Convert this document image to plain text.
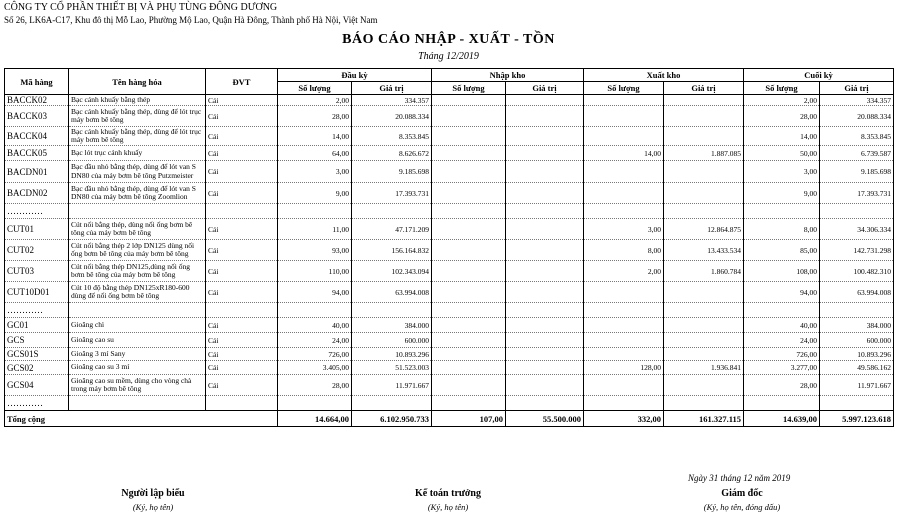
CÔNG TY CỔ PHẦN THIẾT BỊ VÀ PHỤ TÙNG ĐÔNG DƯƠNG
Số 26, LK6A-C17, Khu đô thị Mỗ Lao, Phường Mộ Lao, Quận Hà Đông, Thành phố Hà Nội, Việt Nam
BÁO CÁO NHẬP - XUẤT - TỒN
Tháng 12/2019
Mã hàng	Tên hàng hóa	ĐVT	Đầu kỳ		Nhập kho		Xuất kho		Cuối kỳ	
			Số lượng	Giá trị	Số lượng	Giá trị	Số lượng	Giá trị	Số lượng	Giá trị
BACCK02	Bạc cánh khuấy bằng thép	Cái	2,00	334.357					2,00	334.357
BACCK03	Bạc cánh khuấy bằng thép, dùng để lót trục máy bơm bê tông	Cái	28,00	20.088.334					28,00	20.088.334
BACCK04	Bạc cánh khuấy bằng thép, dùng để lót trục máy bơm bê tông	Cái	14,00	8.353.845					14,00	8.353.845
BACCK05	Bạc lót trục cánh khuấy	Cái	64,00	8.626.672			14,00	1.887.085	50,00	6.739.587
BACDN01	Bạc đầu nhỏ bằng thép, dùng để lót van S DN80 của máy bơm bê tông Putzmeister	Cái	3,00	9.185.698					3,00	9.185.698
BACDN02	Bạc đầu nhỏ bằng thép, dùng để lót van S DN80 của máy bơm bê tông Zoomlion	Cái	9,00	17.393.731					9,00	17.393.731
…………										
CUT01	Cút nối bằng thép, dùng nối ống bơm bê tông của máy bơm bê tông	Cái	11,00	47.171.209			3,00	12.864.875	8,00	34.306.334
CUT02	Cút nối bằng thép 2 lớp DN125 dùng nối ống bơm bê tông của máy bơm bê tông	Cái	93,00	156.164.832			8,00	13.433.534	85,00	142.731.298
CUT03	Cút nối bằng thép DN125,dùng nối ống bơm bê tông của máy bơm bê tông	Cái	110,00	102.343.094			2,00	1.860.784	108,00	100.482.310
CUT10D01	Cút 10 độ bằng thép DN125xR180-600 dùng để nối ống bơm bê tông	Cái	94,00	63.994.008					94,00	63.994.008
…………										
GC01	Gioăng chì	Cái	40,00	384.000					40,00	384.000
GCS	Gioăng cao su	Cái	24,00	600.000					24,00	600.000
GCS01S	Gioăng 3 mí Sany	Cái	726,00	10.893.296					726,00	10.893.296
GCS02	Gioăng cao su 3 mí	Cái	3.405,00	51.523.003			128,00	1.936.841	3.277,00	49.586.162
GCS04	Gioăng cao su mềm, dùng cho vòng chà trong máy bơm bê tông	Cái	28,00	11.971.667					28,00	11.971.667
…………										
Tổng cộng			14.664,00	6.102.950.733	107,00	55.500.000	332,00	161.327.115	14.639,00	5.997.123.618
Ngày 31 tháng 12 năm 2019
Người lập biểu
(Ký, họ tên)
Kế toán trưởng
(Ký, họ tên)
Giám đốc
(Ký, họ tên, đóng dấu)
